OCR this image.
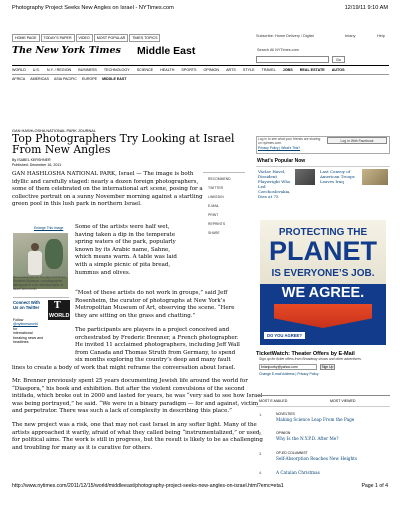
Photography Project Seeks New Angles on Israel - NYTimes.com	12/19/11 9:10 AM
HOME PAGE	TODAY'S PAPER	VIDEO	MOST POPULAR	TIMES TOPICS	Subscribe: Home Delivery / Digital	briany	Help
The New York Times Middle East	Search All NYTimes.com
Go
WORLD U.S. N.Y. / REGION BUSINESS TECHNOLOGY SCIENCE HEALTH SPORTS OPINION ARTS STYLE TRAVEL JOBS REAL ESTATE AUTOS
AFRICA AMERICAS ASIA PACIFIC EUROPE MIDDLE EAST
GAN HASHLOSHA NATIONAL PARK JOURNAL
Top Photographers Try Looking at Israel From New Angles
By ISABEL KERSHNER
Published: December 16, 2011
GAN HASHLOSHA NATIONAL PARK, Israel — The image is both
idyllic and carefully staged: nearly a dozen foreign photographers,
some of them celebrated on the international art scene, posing for a
collective portrait on a sunny November morning against a startling
green pool in this lush park in northern Israel.
RECOMMEND
TWITTER
LINKEDIN
E-MAIL
PRINT
REPRINTS
SHARE
Enlarge This Image
Rina Castelnuovo for The New York Times
Rosalind Solomon, a photographer
taking part in a six-month project, in
Israel last month.
Connect With Us on Twitter	T
WORLD
Follow
@nytimesworld
for
international
breaking news and
headlines.
Some of the artists were half wet,
having taken a dip in the temperate
spring waters of the park, popularly
known by its Arabic name, Sahne,
which means warm. A table was laid
with a simple picnic of pita bread,
hummus and olives.
“Most of these artists do not work in groups,” said Jeff
Rosenheim, the curator of photographs at New York’s
Metropolitan Museum of Art, observing the scene. “Here
they are sitting on the grass and chatting.”
The participants are players in a project conceived and
orchestrated by Frederic Brenner, a French photographer.
He invited 11 acclaimed photographers, including Jeff Wall
from Canada and Thomas Struth from Germany, to spend
six months exploring the country’s deep and many fault
lines to create a body of work that might reframe the conversation about Israel.
Mr. Brenner previously spent 25 years documenting Jewish life around the world for
“Diaspora,” his book and exhibition. But after the violent convulsions of the second
intifada, which broke out in 2000 and lasted for years, he was “very sad to see how Israel
was being portrayed,” he said. “We were in a binary paradigm — for and against, victim
and perpetrator. There was such a lack of complexity in describing this place.”
The new project was a risk, one that may not cast Israel in any softer light. Many of the
artists approached it warily, afraid of what they called being “instrumentalized,” or used
for political aims. The work is still in progress, but the result is likely to be as challenging
and troubling for many as it is curative for others.
Log in to see what your friends are sharing on nytimes.com.
Privacy Policy | What’s This?
Log In With Facebook
What’s Popular Now
Václav Havel, Dissident Playwright Who Led Czechoslovakia, Dies at 75
Last Convoy of American Troops Leaves Iraq
PROTECTING THE
PLANET
IS EVERYONE’S JOB.
WE AGREE.
DO YOU AGREE?
TicketWatch: Theater Offers by E-Mail
Sign up for ticket offers from Broadway shows and other advertisers.
brianjcorby@yahoo.com	Sign Up
Change E-mail Address | Privacy Policy
MOST E-MAILED	MOST VIEWED
1.	NOVELTIES
Making Science Leap From the Page
2.	OPINION
Why Is the N.Y.P.D. After Me?
3.	OP-ED COLUMNIST
Self-Absorption Reaches New Heights
4.	A Catalan Christmas
http://www.nytimes.com/2011/12/15/world/middleeast/photography-project-seeks-new-angles-on-israel.html?emc=eta1	Page 1 of 4
